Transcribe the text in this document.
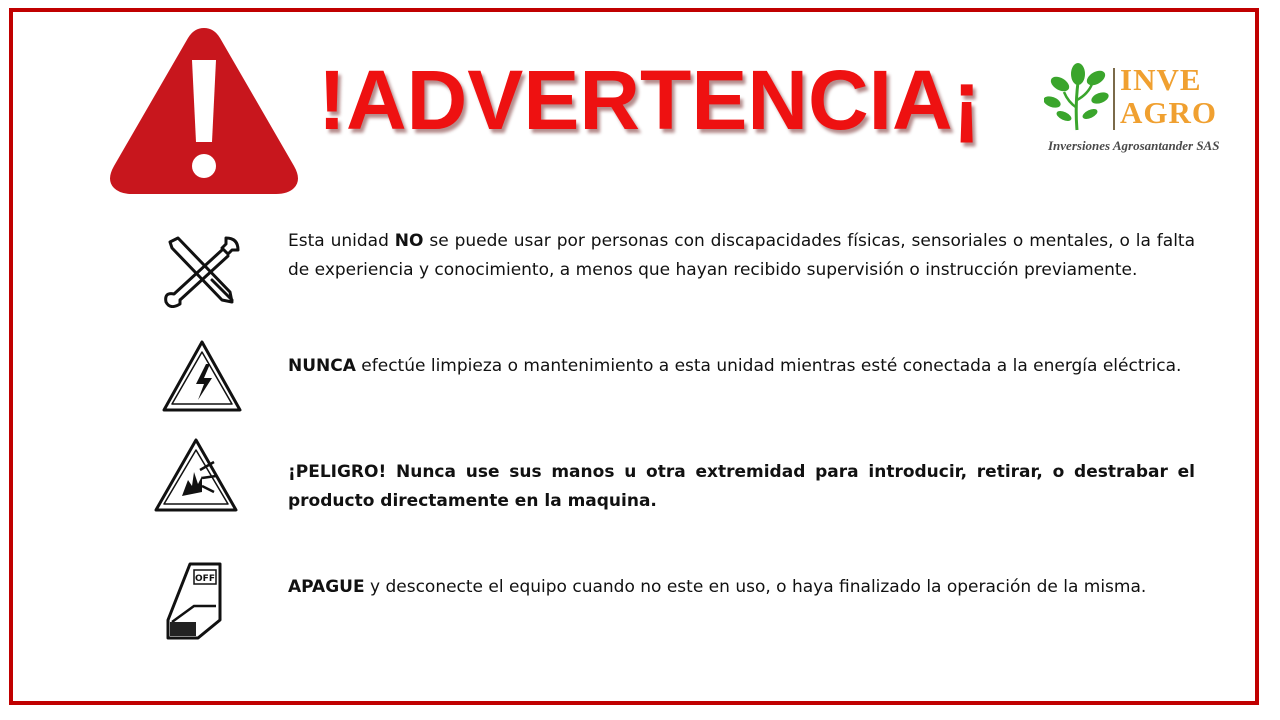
!ADVERTENCIA¡	INVE
AGRO
Inversiones Agrosantander SAS

Esta unidad NO se puede usar por personas con discapacidades físicas, sensoriales o mentales, o la falta de experiencia y conocimiento, a menos que hayan recibido supervisión o instrucción previamente.

NUNCA efectúe limpieza o mantenimiento a esta unidad mientras esté conectada a la energía eléctrica.

¡PELIGRO! Nunca use sus manos u otra extremidad para introducir, retirar, o destrabar el producto directamente en la maquina.

OFF	APAGUE y desconecte el equipo cuando no este en uso, o haya finalizado la operación de la misma.
